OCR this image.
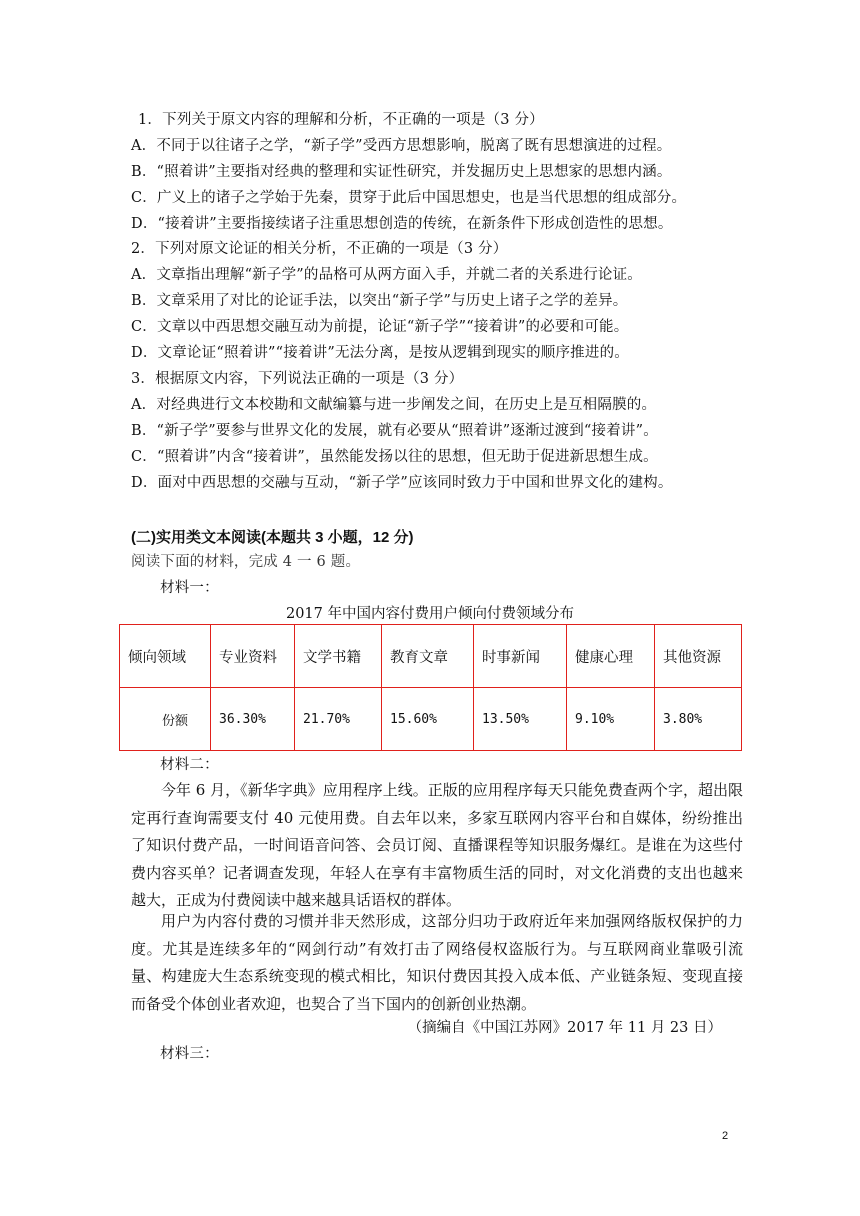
1．下列关于原文内容的理解和分析，不正确的一项是（3 分）
A．不同于以往诸子之学，“新子学”受西方思想影响，脱离了既有思想演进的过程。
B．“照着讲”主要指对经典的整理和实证性研究，并发掘历史上思想家的思想内涵。
C．广义上的诸子之学始于先秦，贯穿于此后中国思想史，也是当代思想的组成部分。
D．“接着讲”主要指接续诸子注重思想创造的传统，在新条件下形成创造性的思想。
2．下列对原文论证的相关分析，不正确的一项是（3 分）
A．文章指出理解“新子学”的品格可从两方面入手，并就二者的关系进行论证。
B．文章采用了对比的论证手法，以突出“新子学”与历史上诸子之学的差异。
C．文章以中西思想交融互动为前提，论证“新子学”“接着讲”的必要和可能。
D．文章论证“照着讲”“接着讲”无法分离，是按从逻辑到现实的顺序推进的。
3．根据原文内容，下列说法正确的一项是（3 分）
A．对经典进行文本校勘和文献编纂与进一步阐发之间，在历史上是互相隔膜的。
B．“新子学”要参与世界文化的发展，就有必要从“照着讲”逐渐过渡到“接着讲”。
C．“照着讲”内含“接着讲”，虽然能发扬以往的思想，但无助于促进新思想生成。
D．面对中西思想的交融与互动，“新子学”应该同时致力于中国和世界文化的建构。
(二)实用类文本阅读(本题共 3 小题，12 分)
阅读下面的材料，完成 4 一 6 题。
材料一：
2017 年中国内容付费用户倾向付费领域分布
倾向领域	专业资料	文学书籍	教育文章	时事新闻	健康心理	其他资源
份额	36.30%	21.70%	15.60%	13.50%	9.10%	3.80%
材料二：
今年 6 月，《新华字典》应用程序上线。正版的应用程序每天只能免费查两个字，超出限定再行查询需要支付 40 元使用费。自去年以来，多家互联网内容平台和自媒体，纷纷推出了知识付费产品，一时间语音问答、会员订阅、直播课程等知识服务爆红。是谁在为这些付费内容买单？记者调查发现，年轻人在享有丰富物质生活的同时，对文化消费的支出也越来越大，正成为付费阅读中越来越具话语权的群体。
用户为内容付费的习惯并非天然形成，这部分归功于政府近年来加强网络版权保护的力度。尤其是连续多年的“网剑行动”有效打击了网络侵权盗版行为。与互联网商业靠吸引流量、构建庞大生态系统变现的模式相比，知识付费因其投入成本低、产业链条短、变现直接而备受个体创业者欢迎，也契合了当下国内的创新创业热潮。
（摘编自《中国江苏网》2017 年 11 月 23 日）
材料三：
2
